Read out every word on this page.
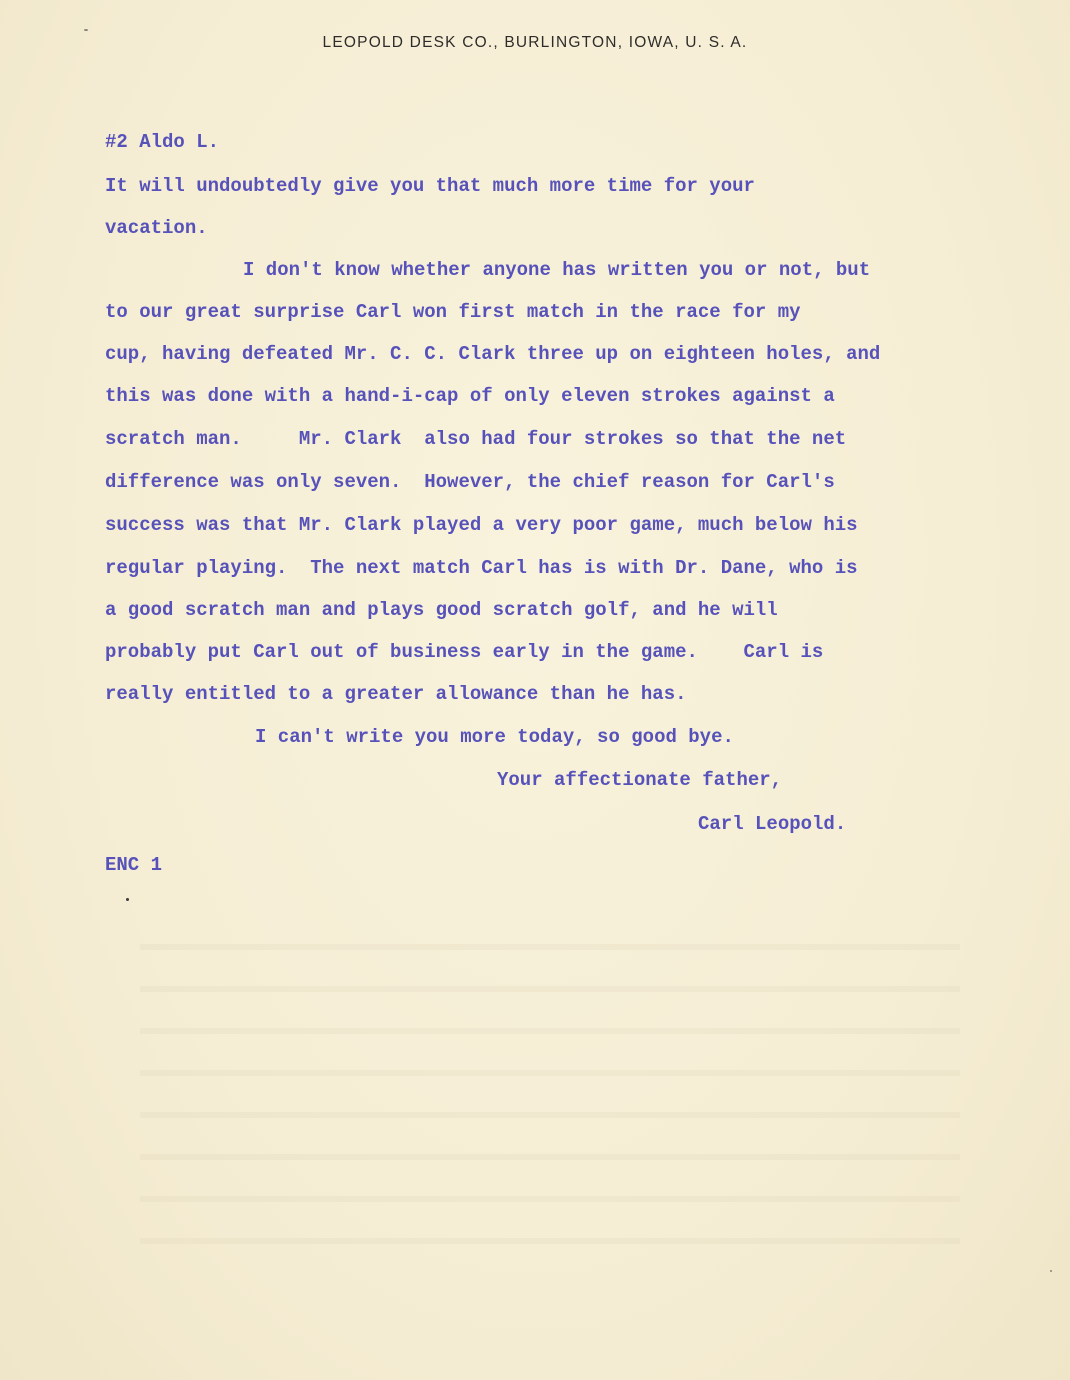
LEOPOLD DESK CO., BURLINGTON, IOWA, U. S. A.
#2 Aldo L.
It will undoubtedly give you that much more time for your
vacation.
I don't know whether anyone has written you or not, but
to our great surprise Carl won first match in the race for my
cup, having defeated Mr. C. C. Clark three up on eighteen holes, and
this was done with a hand-i-cap of only eleven strokes against a
scratch man.     Mr. Clark  also had four strokes so that the net
difference was only seven.  However, the chief reason for Carl's
success was that Mr. Clark played a very poor game, much below his
regular playing.  The next match Carl has is with Dr. Dane, who is
a good scratch man and plays good scratch golf, and he will
probably put Carl out of business early in the game.    Carl is
really entitled to a greater allowance than he has.
I can't write you more today, so good bye.
Your affectionate father,
Carl Leopold.
ENC 1
